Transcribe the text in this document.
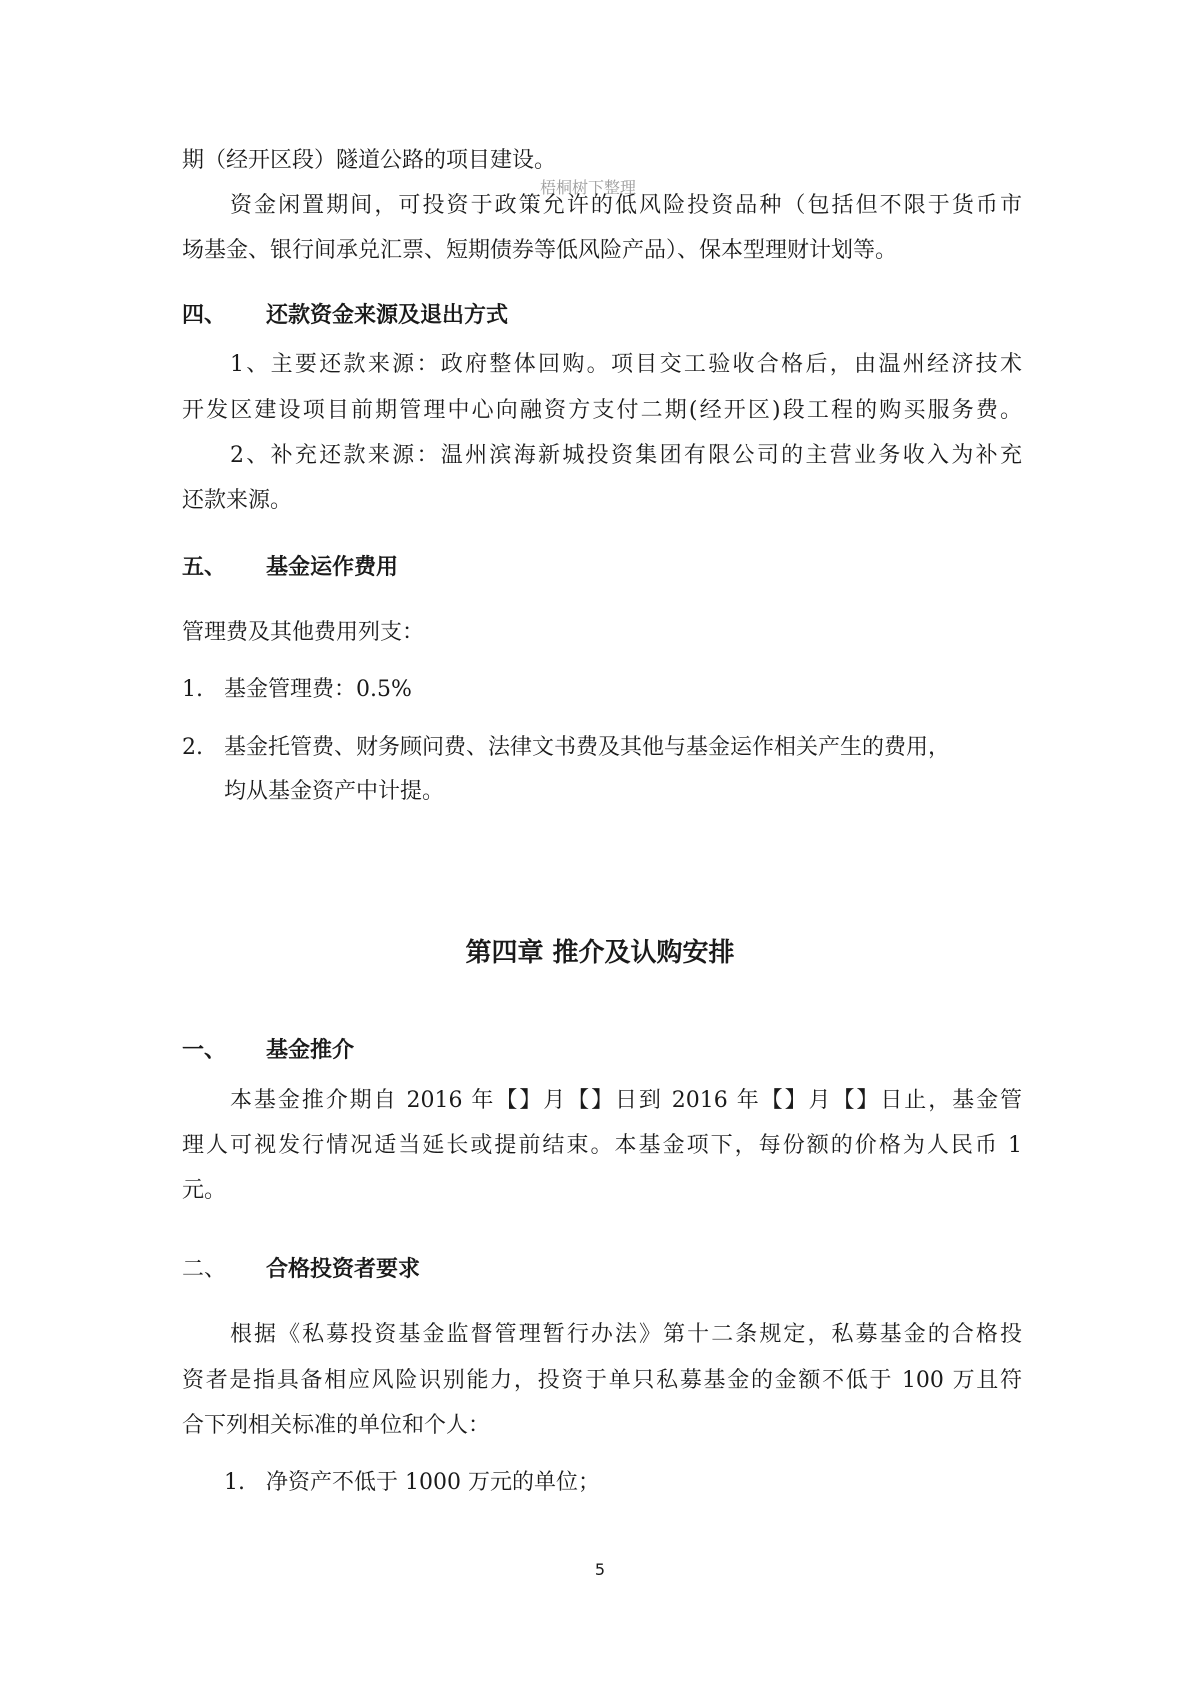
梧桐树下整理
期（经开区段）隧道公路的项目建设。
资金闲置期间，可投资于政策允许的低风险投资品种（包括但不限于货币市
场基金、银行间承兑汇票、短期债券等低风险产品）、保本型理财计划等。
四、 还款资金来源及退出方式
1、主要还款来源：政府整体回购。项目交工验收合格后，由温州经济技术
开发区建设项目前期管理中心向融资方支付二期(经开区)段工程的购买服务费。
2、补充还款来源：温州滨海新城投资集团有限公司的主营业务收入为补充
还款来源。
五、 基金运作费用
管理费及其他费用列支：
1. 基金管理费：0.5%
2. 基金托管费、财务顾问费、法律文书费及其他与基金运作相关产生的费用，
均从基金资产中计提。
第四章 推介及认购安排
一、 基金推介
本基金推介期自 2016 年【】月【】日到 2016 年【】月【】日止，基金管
理人可视发行情况适当延长或提前结束。本基金项下，每份额的价格为人民币 1
元。
二、 合格投资者要求
根据《私募投资基金监督管理暂行办法》第十二条规定，私募基金的合格投
资者是指具备相应风险识别能力，投资于单只私募基金的金额不低于 100 万且符
合下列相关标准的单位和个人：
1. 净资产不低于 1000 万元的单位；
5
